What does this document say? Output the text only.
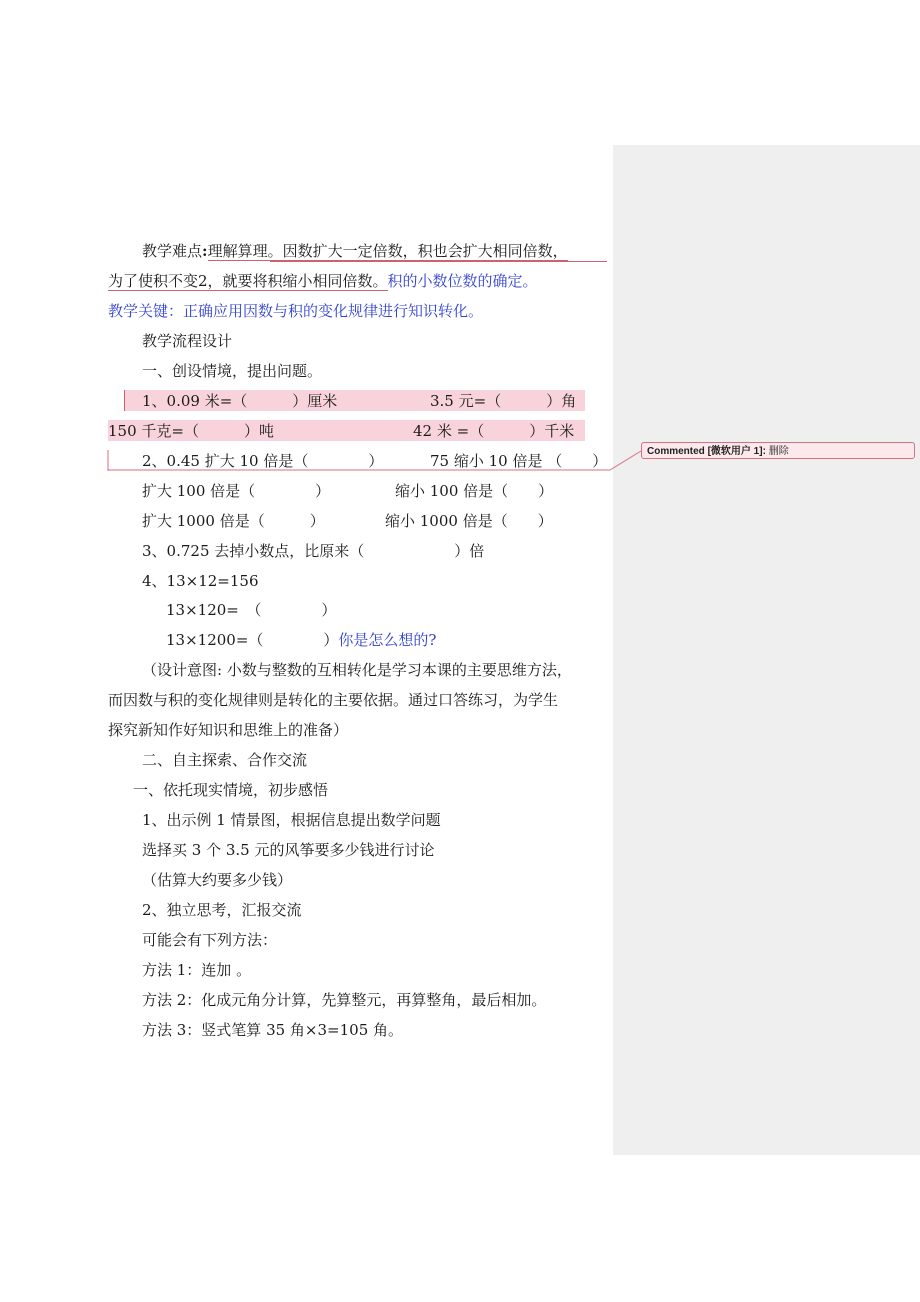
Commented [微软用户 1]: 删除
教学难点:理解算理。因数扩大一定倍数，积也会扩大相同倍数，
为了使积不变2，就要将积缩小相同倍数。积的小数位数的确定。
教学关键：正确应用因数与积的变化规律进行知识转化。
教学流程设计
一、创设情境，提出问题。
1、0.09 米=（　　　）厘米	3.5 元=（　　　）角
150 千克=（　　　）吨	42 米 =（　　　）千米
2、0.45 扩大 10 倍是（　　　　）	75 缩小 10 倍是 （　　）
扩大 100 倍是（　　　　）	缩小 100 倍是（　　）
扩大 1000 倍是（　　　）	缩小 1000 倍是（　　）
3、0.725 去掉小数点，比原来（　　　　　　）倍
4、13×12=156
13×120=　（　　　　）
13×1200=（　　　　）你是怎么想的?
（设计意图: 小数与整数的互相转化是学习本课的主要思维方法，
而因数与积的变化规律则是转化的主要依据。通过口答练习，为学生
探究新知作好知识和思维上的准备）
二、自主探索、合作交流
一、依托现实情境，初步感悟
1、出示例 1 情景图，根据信息提出数学问题
选择买 3 个 3.5 元的风筝要多少钱进行讨论
（估算大约要多少钱）
2、独立思考，汇报交流
可能会有下列方法：
方法 1：连加 。
方法 2：化成元角分计算，先算整元，再算整角，最后相加。
方法 3：竖式笔算 35 角×3=105 角。
